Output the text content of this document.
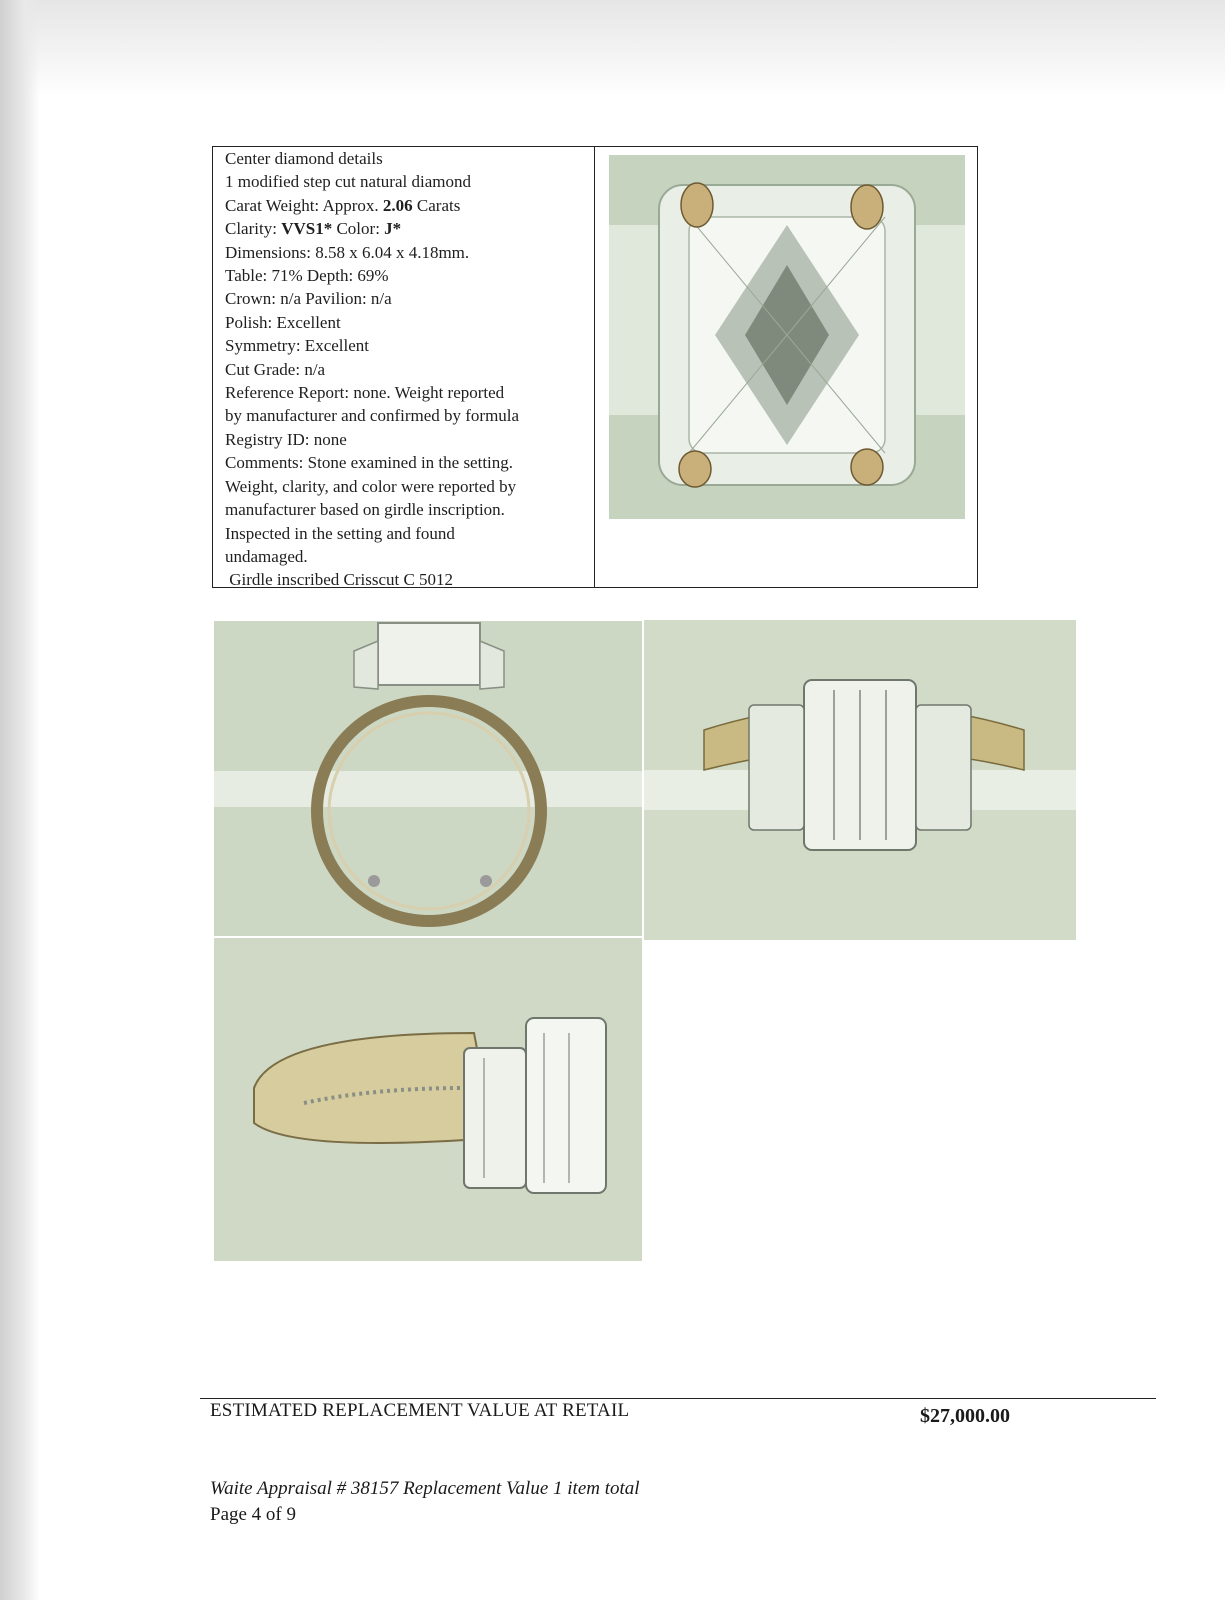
Center diamond details
1 modified step cut natural diamond
Carat Weight: Approx. 2.06 Carats
Clarity: VVS1* Color: J*
Dimensions: 8.58 x 6.04 x 4.18mm.
Table: 71% Depth: 69%
Crown: n/a Pavilion: n/a
Polish: Excellent
Symmetry: Excellent
Cut Grade: n/a
Reference Report: none. Weight reported
by manufacturer and confirmed by formula
Registry ID: none
Comments: Stone examined in the setting.
Weight, clarity, and color were reported by
manufacturer based on girdle inscription.
Inspected in the setting and found
undamaged.
Girdle inscribed Crisscut C 5012
ESTIMATED REPLACEMENT VALUE AT RETAIL	$27,000.00
Waite Appraisal # 38157 Replacement Value 1 item total
Page 4 of 9
